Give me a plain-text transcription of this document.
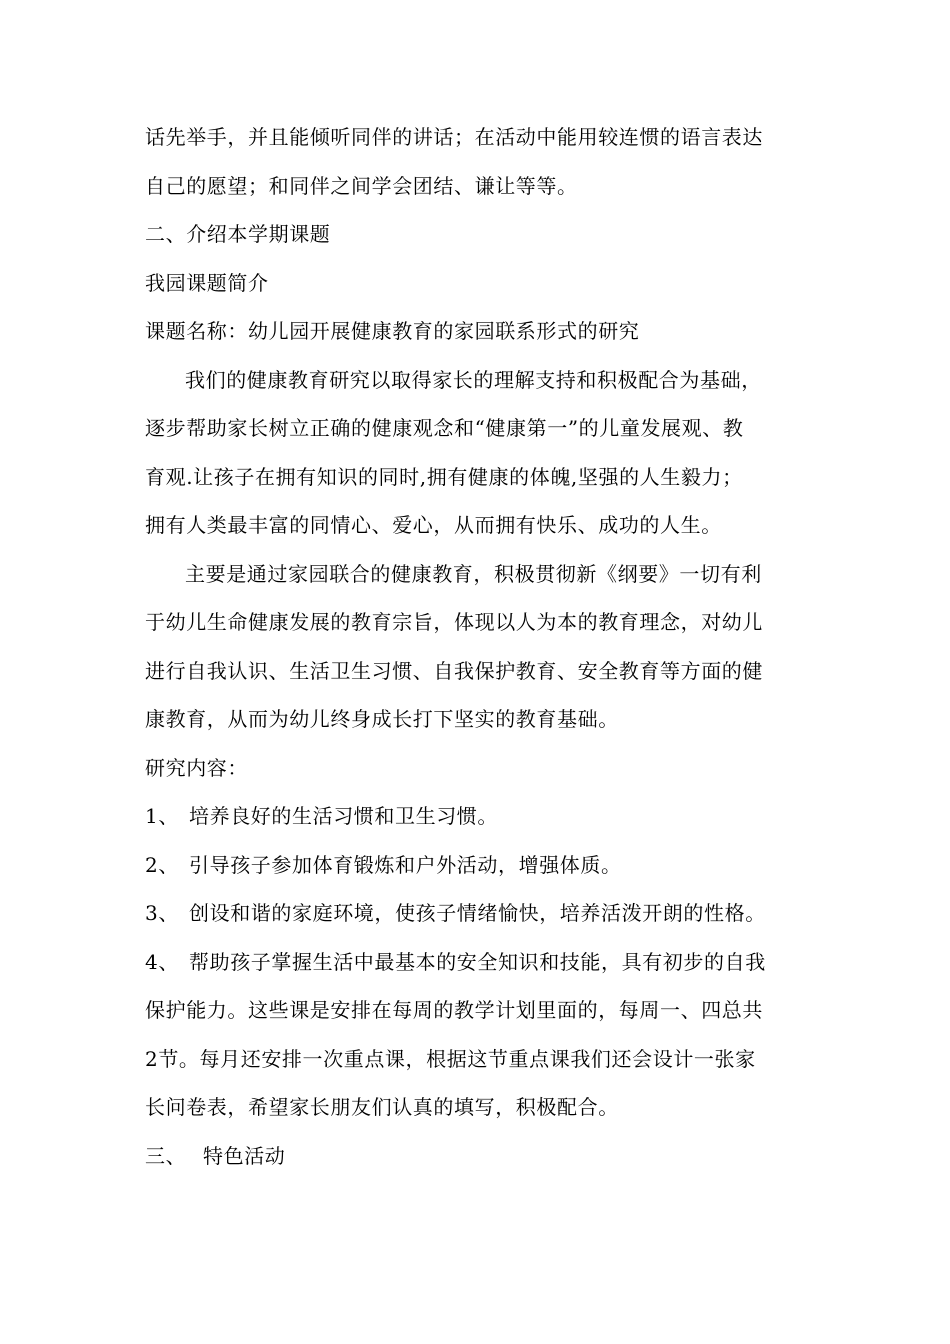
话先举手，并且能倾听同伴的讲话；在活动中能用较连惯的语言表达
自己的愿望；和同伴之间学会团结、谦让等等。
二、介绍本学期课题
我园课题简介
课题名称：幼儿园开展健康教育的家园联系形式的研究
我们的健康教育研究以取得家长的理解支持和积极配合为基础，
逐步帮助家长树立正确的健康观念和“健康第一”的儿童发展观、教
育观.让孩子在拥有知识的同时,拥有健康的体魄,坚强的人生毅力；
拥有人类最丰富的同情心、爱心，从而拥有快乐、成功的人生。
主要是通过家园联合的健康教育，积极贯彻新《纲要》一切有利
于幼儿生命健康发展的教育宗旨，体现以人为本的教育理念，对幼儿
进行自我认识、生活卫生习惯、自我保护教育、安全教育等方面的健
康教育，从而为幼儿终身成长打下坚实的教育基础。
研究内容：
1、 培养良好的生活习惯和卫生习惯。
2、 引导孩子参加体育锻炼和户外活动，增强体质。
3、 创设和谐的家庭环境，使孩子情绪愉快，培养活泼开朗的性格。
4、 帮助孩子掌握生活中最基本的安全知识和技能，具有初步的自我
保护能力。这些课是安排在每周的教学计划里面的，每周一、四总共
2节。每月还安排一次重点课，根据这节重点课我们还会设计一张家
长问卷表，希望家长朋友们认真的填写，积极配合。
三、 特色活动
